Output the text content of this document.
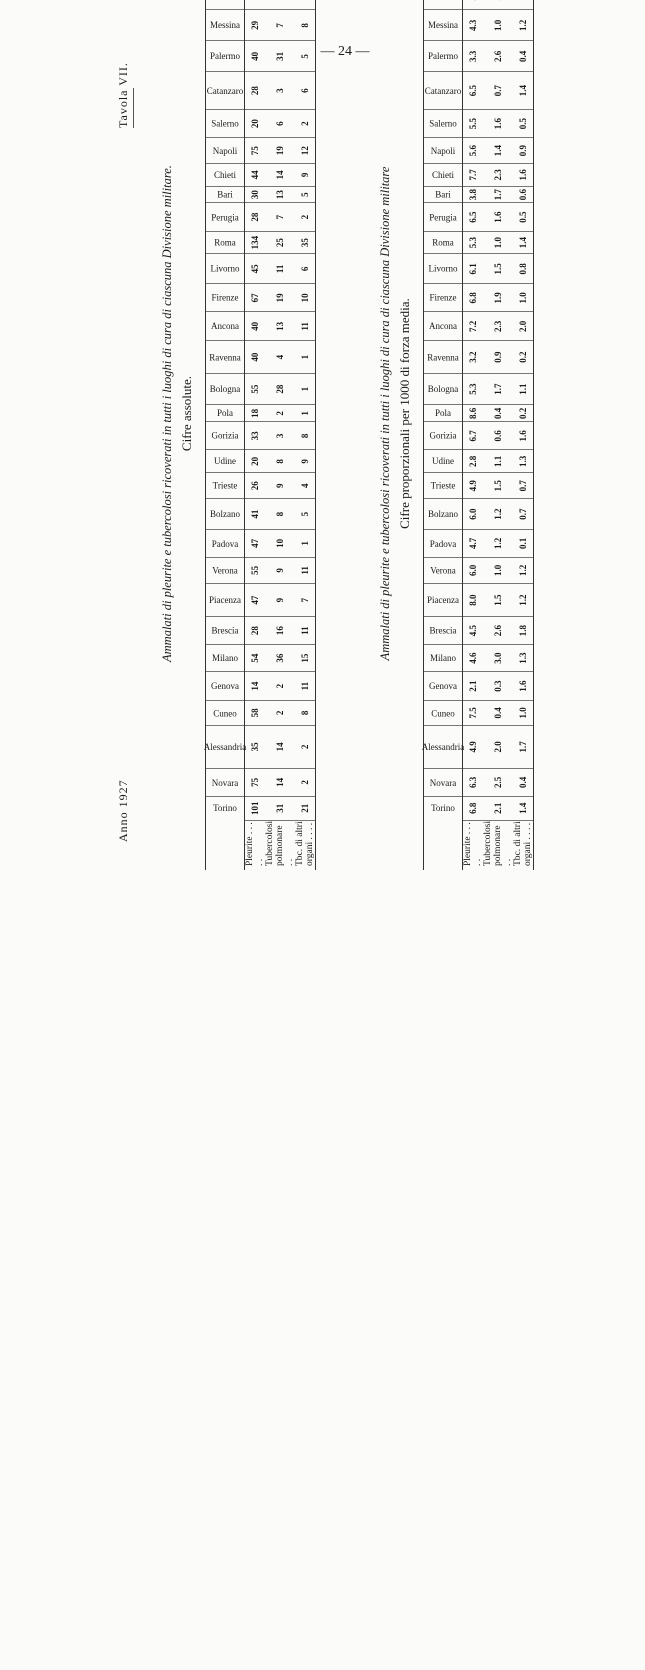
— 24 —
Anno 1927
Tavola VII.
Ammalati di pleurite e tubercolosi ricoverati in tutti i luoghi di cura di ciascuna Divisione militare. Cifre assolute.
	Torino	Novara	Alessandria	Cuneo	Genova	Milano	Brescia	Piacenza	Verona	Padova	Bolzano	Trieste	Udine	Gorizia	Pola	Bologna	Ravenna	Ancona	Firenze	Livorno	Roma	Perugia	Bari	Chieti	Napoli	Salerno	Catanzaro	Palermo	Messina		
Pleurite . . . . .	101	75	35	58	14	54	28	47	55	47	41	26	20	33	18	55	40	40	67	45	134	28	30	44	75	20	28	40	29		
Tubercolosi polmonare . .	31	14	14	2	2	36	16	9	9	10	8	9	8	3	2	28	4	13	19	11	25	7	13	14	19	6	3	31	7		
Tbc. di altri organi . . . .	21	2	2	8	11	15	11	7	11	1	5	4	9	8	1	1	1	11	10	6	35	2	5	9	12	2	6	5	8		
Ammalati di pleurite e tubercolosi ricoverati in tutti i luoghi di cura di ciascuna Divisione militare Cifre proporzionali per 1000 di forza media.
	Torino	Novara	Alessandria	Cuneo	Genova	Milano	Brescia	Piacenza	Verona	Padova	Bolzano	Trieste	Udine	Gorizia	Pola	Bologna	Ravenna	Ancona	Firenze	Livorno	Roma	Perugia	Bari	Chieti	Napoli	Salerno	Catanzaro	Palermo	Messina		
Pleurite . . . . .	6.8	6.3	4.9	7.5	2.1	4.6	4.5	8.0	6.0	4.7	6.0	4.9	2.8	6.7	8.6	5.3	3.2	7.2	6.8	6.1	5.3	6.5	3.8	7.7	5.6	5.5	6.5	3.3	4.3		
Tubercolosi polmonare . .	2.1	2.5	2.0	0.4	0.3	3.0	2.6	1.5	1.0	1.2	1.2	1.5	1.1	0.6	0.4	1.7	0.9	2.3	1.9	1.5	1.0	1.6	1.7	2.3	1.4	1.6	0.7	2.6	1.0		
Tbc. di altri organi . . . .	1.4	0.4	1.7	1.0	1.6	1.3	1.8	1.2	1.2	0.1	0.7	0.7	1.3	1.6	0.2	1.1	0.2	2.0	1.0	0.8	1.4	0.5	0.6	1.6	0.9	0.5	1.4	0.4	1.2		
